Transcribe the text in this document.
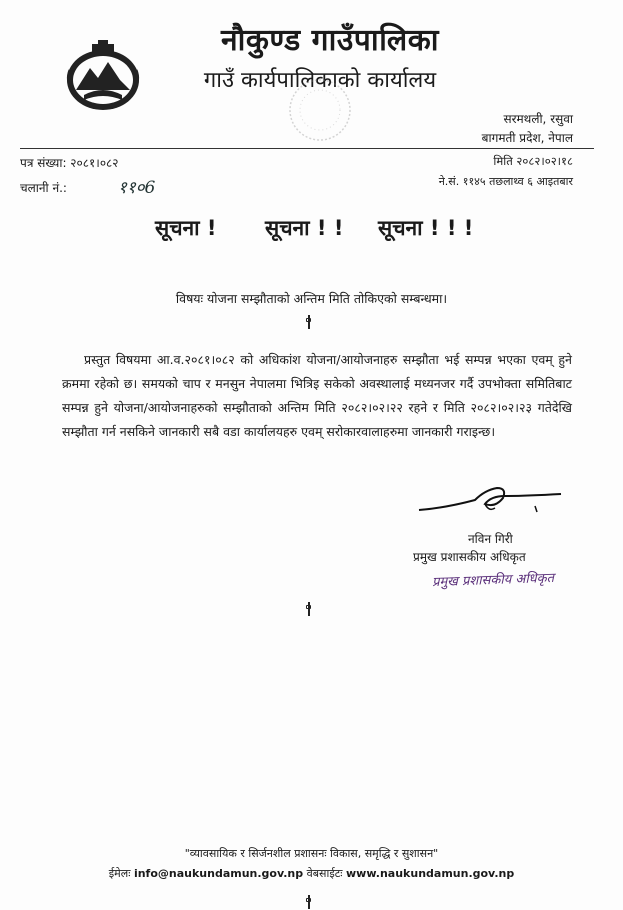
नौकुण्ड गाउँपालिका
गाउँ कार्यपालिकाको कार्यालय
सरमथली, रसुवा
बागमती प्रदेश, नेपाल
पत्र संख्या: २०८१।०८२
चलानी नं.:	११०6
मिति २०८२।०२।१८
ने.सं. ११४५ तछलाथ्व ६ आइतबार
सूचना ! सूचना ! ! सूचना ! ! !
विषयः योजना सम्झौताको अन्तिम मिति तोकिएको सम्बन्धमा।
प्रस्तुत विषयमा आ.व.२०८१।०८२ को अधिकांश योजना/आयोजनाहरु सम्झौता भई सम्पन्न भएका एवम् हुने क्रममा रहेको छ। समयको चाप र मनसुन नेपालमा भित्रिइ सकेको अवस्थालाई मध्यनजर गर्दै उपभोक्ता समितिबाट सम्पन्न हुने योजना/आयोजनाहरुको सम्झौताको अन्तिम मिति २०८२।०२।२२ रहने र मिति २०८२।०२।२३ गतेदेखि सम्झौता गर्न नसकिने जानकारी सबै वडा कार्यालयहरु एवम् सरोकारवालाहरुमा जानकारी गराइन्छ।
नविन गिरी
प्रमुख प्रशासकीय अधिकृत
प्रमुख प्रशासकीय अधिकृत
"व्यावसायिक र सिर्जनशील प्रशासनः विकास, समृद्धि र सुशासन"
ईमेलः info@naukundamun.gov.np वेबसाईटः www.naukundamun.gov.np
